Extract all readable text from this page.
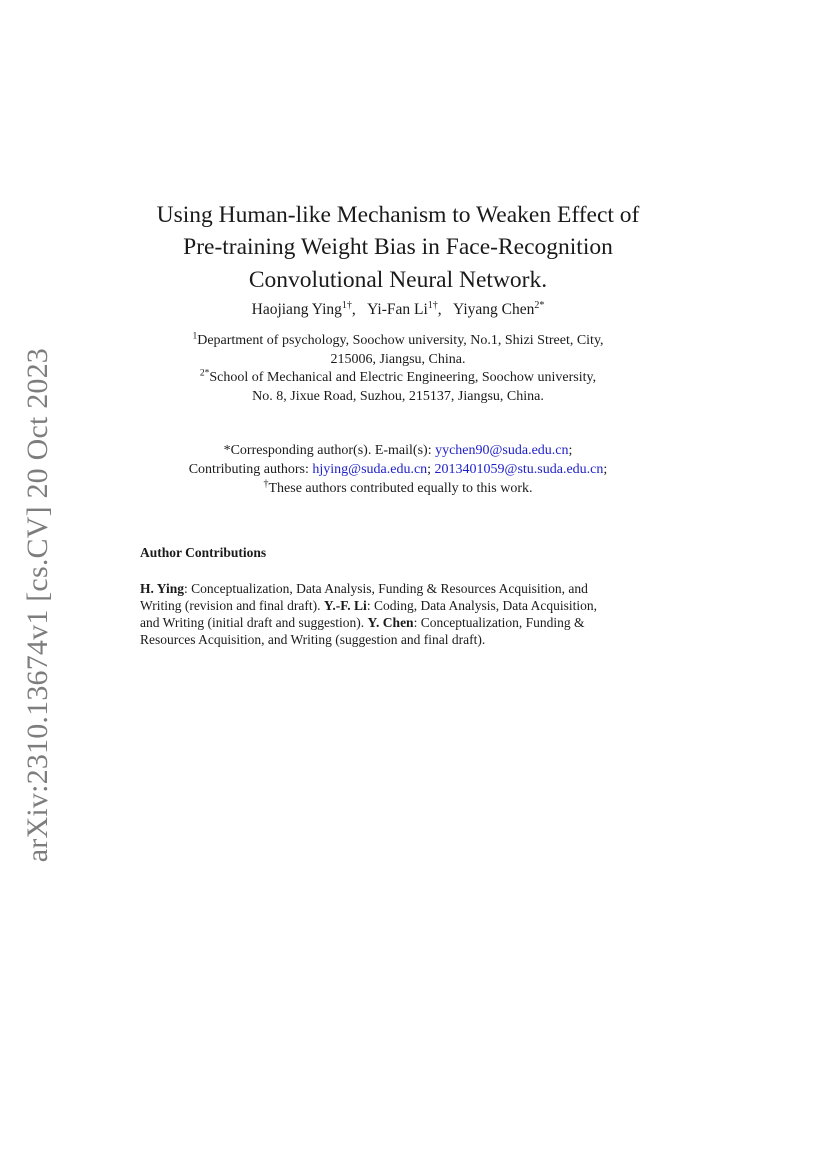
arXiv:2310.13674v1 [cs.CV] 20 Oct 2023
Using Human-like Mechanism to Weaken Effect of
Pre-training Weight Bias in Face-Recognition
Convolutional Neural Network.
Haojiang Ying$^{1\dagger}$, Yi-Fan $Li^{1\dagger}$, Yiyang Chen$^{2*}$
$^1$Department of psychology, Soochow university, No.1, Shizi Street, City,
215006, Jiangsu, China.
$^{2*}$School of Mechanical and Electric Engineering, Soochow university,
No. 8, Jixue Road, Suzhou, 215137, Jiangsu, China.
*Corresponding author(s). E-mail(s): yychen90@suda.edu.cn;
Contributing authors: hjying@suda.edu.cn; 2013401059@stu.suda.edu.cn;
†These authors contributed equally to this work.
Author Contributions
H. Ying: Conceptualization, Data Analysis, Funding & Resources Acquisition, and
Writing (revision and final draft). Y.-F. Li: Coding, Data Analysis, Data Acquisition,
and Writing (initial draft and suggestion). Y. Chen: Conceptualization, Funding &
Resources Acquisition, and Writing (suggestion and final draft).
